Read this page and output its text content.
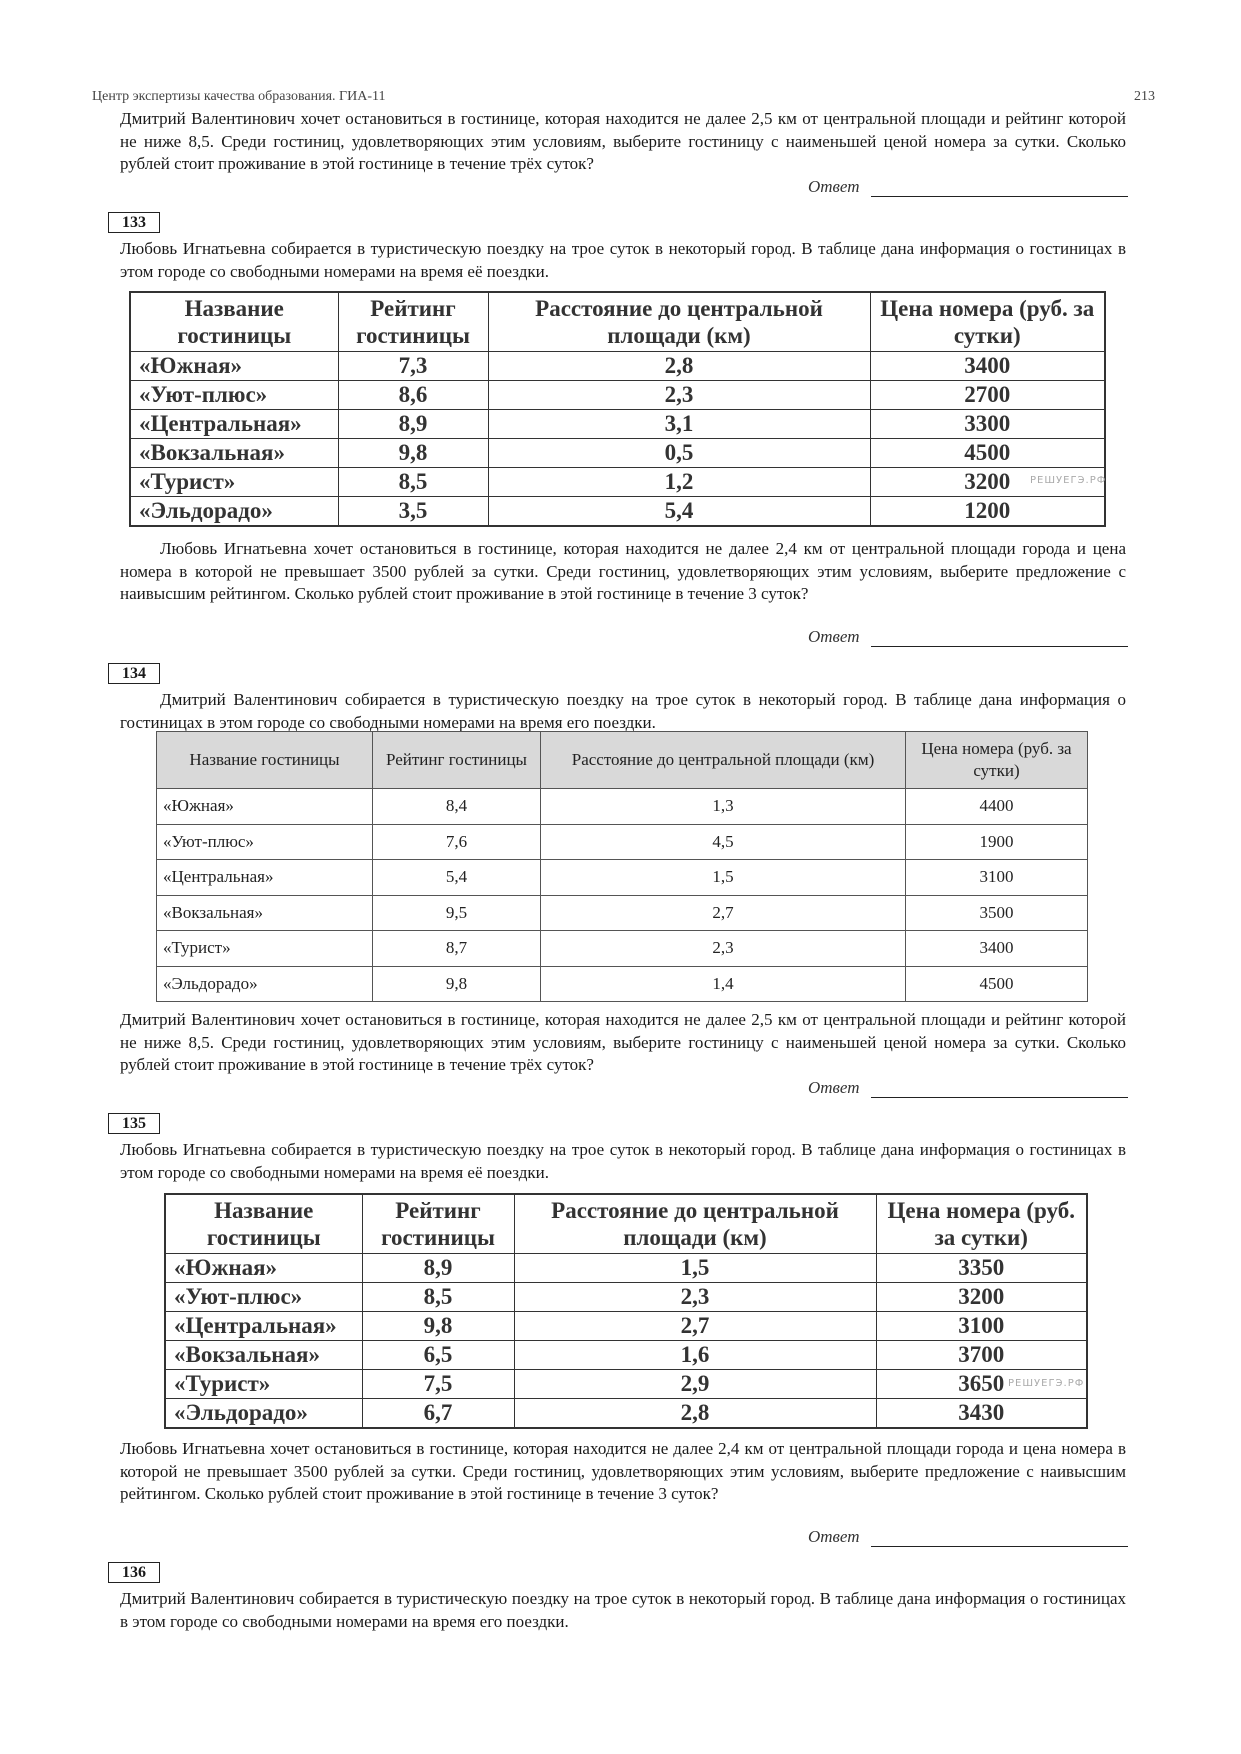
Центр экспертизы качества образования. ГИА-11	213
Дмитрий Валентинович хочет остановиться в гостинице, которая находится не далее 2,5 км от центральной площади и рейтинг которой не ниже 8,5. Среди гостиниц, удовлетворяющих этим условиям, выберите гостиницу с наименьшей ценой номера за сутки. Сколько рублей стоит проживание в этой гостинице в течение трёх суток?
Ответ
133
Любовь Игнатьевна собирается в туристическую поездку на трое суток в некоторый город. В таблице дана информация о гостиницах в этом городе со свободными номерами на время её поездки.
Название гостиницы	Рейтинг гостиницы	Расстояние до центральной площади (км)	Цена номера (руб. за сутки)
«Южная»	7,3	2,8	3400
«Уют-плюс»	8,6	2,3	2700
«Центральная»	8,9	3,1	3300
«Вокзальная»	9,8	0,5	4500
«Турист»	8,5	1,2	3200
«Эльдорадо»	3,5	5,4	1200
РЕШУЕГЭ.РФ
Любовь Игнатьевна хочет остановиться в гостинице, которая находится не далее 2,4 км от центральной площади города и цена номера в которой не превышает 3500 рублей за сутки. Среди гостиниц, удовлетворяющих этим условиям, выберите предложение с наивысшим рейтингом. Сколько рублей стоит проживание в этой гостинице в течение 3 суток?
Ответ
134
Дмитрий Валентинович собирается в туристическую поездку на трое суток в некоторый город. В таблице дана информация о гостиницах в этом городе со свободными номерами на время его поездки.
Название гостиницы	Рейтинг гостиницы	Расстояние до центральной площади (км)	Цена номера (руб. за сутки)
«Южная»	8,4	1,3	4400
«Уют-плюс»	7,6	4,5	1900
«Центральная»	5,4	1,5	3100
«Вокзальная»	9,5	2,7	3500
«Турист»	8,7	2,3	3400
«Эльдорадо»	9,8	1,4	4500
Дмитрий Валентинович хочет остановиться в гостинице, которая находится не далее 2,5 км от центральной площади и рейтинг которой не ниже 8,5. Среди гостиниц, удовлетворяющих этим условиям, выберите гостиницу с наименьшей ценой номера за сутки. Сколько рублей стоит проживание в этой гостинице в течение трёх суток?
Ответ
135
Любовь Игнатьевна собирается в туристическую поездку на трое суток в некоторый город. В таблице дана информация о гостиницах в этом городе со свободными номерами на время её поездки.
Название гостиницы	Рейтинг гостиницы	Расстояние до центральной площади (км)	Цена номера (руб. за сутки)
«Южная»	8,9	1,5	3350
«Уют-плюс»	8,5	2,3	3200
«Центральная»	9,8	2,7	3100
«Вокзальная»	6,5	1,6	3700
«Турист»	7,5	2,9	3650
«Эльдорадо»	6,7	2,8	3430
РЕШУЕГЭ.РФ
Любовь Игнатьевна хочет остановиться в гостинице, которая находится не далее 2,4 км от центральной площади города и цена номера в которой не превышает 3500 рублей за сутки. Среди гостиниц, удовлетворяющих этим условиям, выберите предложение с наивысшим рейтингом. Сколько рублей стоит проживание в этой гостинице в течение 3 суток?
Ответ
136
Дмитрий Валентинович собирается в туристическую поездку на трое суток в некоторый город. В таблице дана информация о гостиницах в этом городе со свободными номерами на время его поездки.
